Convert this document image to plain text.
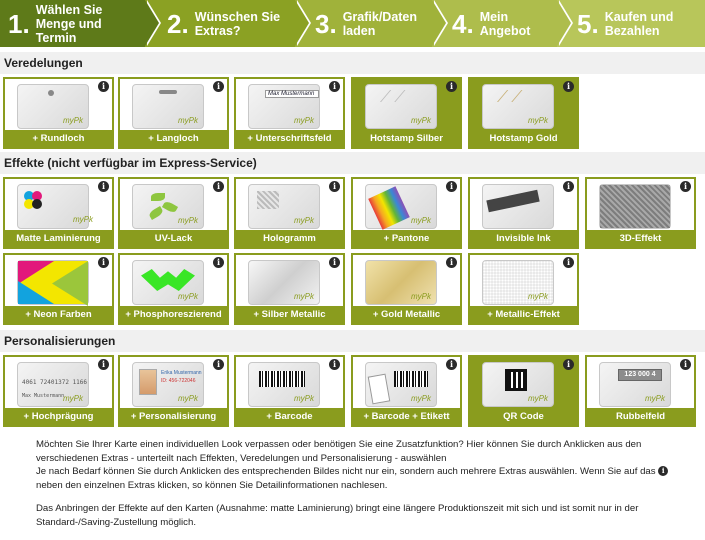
1. Wählen Sie Menge und Termin	2. Wünschen Sie Extras?	3. Grafik/Daten laden	4. Mein Angebot	5. Kaufen und Bezahlen
Veredelungen
myPk
i
+ Rundloch
myPk
i
+ Langloch
Max Mustermann
myPk
i
+ Unterschriftsfeld
⟋⟋
myPk
i
Hotstamp Silber
⟋⟋
myPk
i
Hotstamp Gold
Effekte (nicht verfügbar im Express-Service)
myPk
i
Matte Laminierung
myPk
i
UV-Lack
myPk
i
Hologramm
myPk
i
+ Pantone
i
Invisible Ink
i
3D-Effekt
i
+ Neon Farben
myPk
i
+ Phosphoreszierend
myPk
i
+ Silber Metallic
myPk
i
+ Gold Metallic
myPk
i
+ Metallic-Effekt
Personalisierungen
4061 72401372 1166
Max Mustermann
myPk
i
+ Hochprägung
Erika Mustermann
ID: 456-722046
myPk
i
+ Personalisierung
myPk
i
+ Barcode
myPk
i
+ Barcode + Etikett
myPk
i
QR Code
123 000 4
myPk
i
Rubbelfeld

Möchten Sie Ihrer Karte einen individuellen Look verpassen oder benötigen Sie eine Zusatzfunktion? Hier können Sie durch Anklicken aus den

verschiedenen Extras - unterteilt nach Effekten, Veredelungen und Personalisierung - auswählen

Je nach Bedarf können Sie durch Anklicken des entsprechenden Bildes nicht nur ein, sondern auch mehrere Extras auswählen. Wenn Sie auf das i

neben den einzelnen Extras klicken, so können Sie Detailinformationen nachlesen.

Das Anbringen der Effekte auf den Karten (Ausnahme: matte Laminierung) bringt eine längere Produktionszeit mit sich und ist somit nur in der

Standard-/Saving-Zustellung möglich.
